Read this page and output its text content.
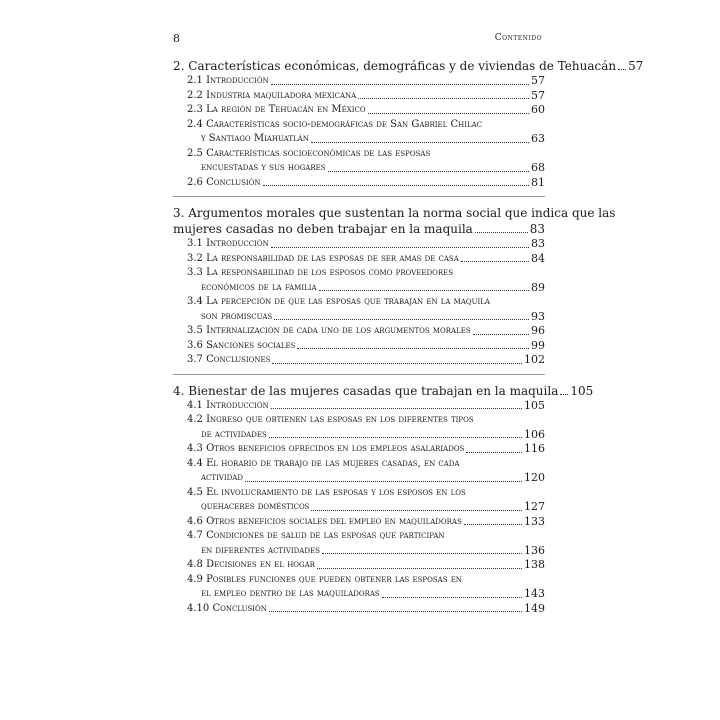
8	Contenido
2. Características económicas, demográficas y de viviendas de Tehuacán 57
2.1 Introducción	57
2.2 Industria maquiladora mexicana	57
2.3 La región de Tehuacán en México	60
2.4 Características socio-demográficas de San Gabriel Chilac
y Santiago Miahuatlán	63
2.5 Características socioeconómicas de las esposas
encuestadas y sus hogares	68
2.6 Conclusión	81
3. Argumentos morales que sustentan la norma social que indica que las
mujeres casadas no deben trabajar en la maquila	83
3.1 Introducción	83
3.2 La responsabilidad de las esposas de ser amas de casa	84
3.3 La responsabilidad de los esposos como proveedores
económicos de la familia	89
3.4 La percepción de que las esposas que trabajan en la maquila
son promiscuas	93
3.5 Internalización de cada uno de los argumentos morales	96
3.6 Sanciones sociales	99
3.7 Conclusiones	102
4. Bienestar de las mujeres casadas que trabajan en la maquila 105
4.1 Introducción	105
4.2 Ingreso que obtienen las esposas en los diferentes tipos
de actividades	106
4.3 Otros beneficios ofrecidos en los empleos asalariados	116
4.4 El horario de trabajo de las mujeres casadas, en cada
actividad	120
4.5 El involucramiento de las esposas y los esposos en los
quehaceres domésticos	127
4.6 Otros beneficios sociales del empleo en maquiladoras	133
4.7 Condiciones de salud de las esposas que participan
en diferentes actividades	136
4.8 Decisiones en el hogar	138
4.9 Posibles funciones que pueden obtener las esposas en
el empleo dentro de las maquiladoras	143
4.10 Conclusión	149
